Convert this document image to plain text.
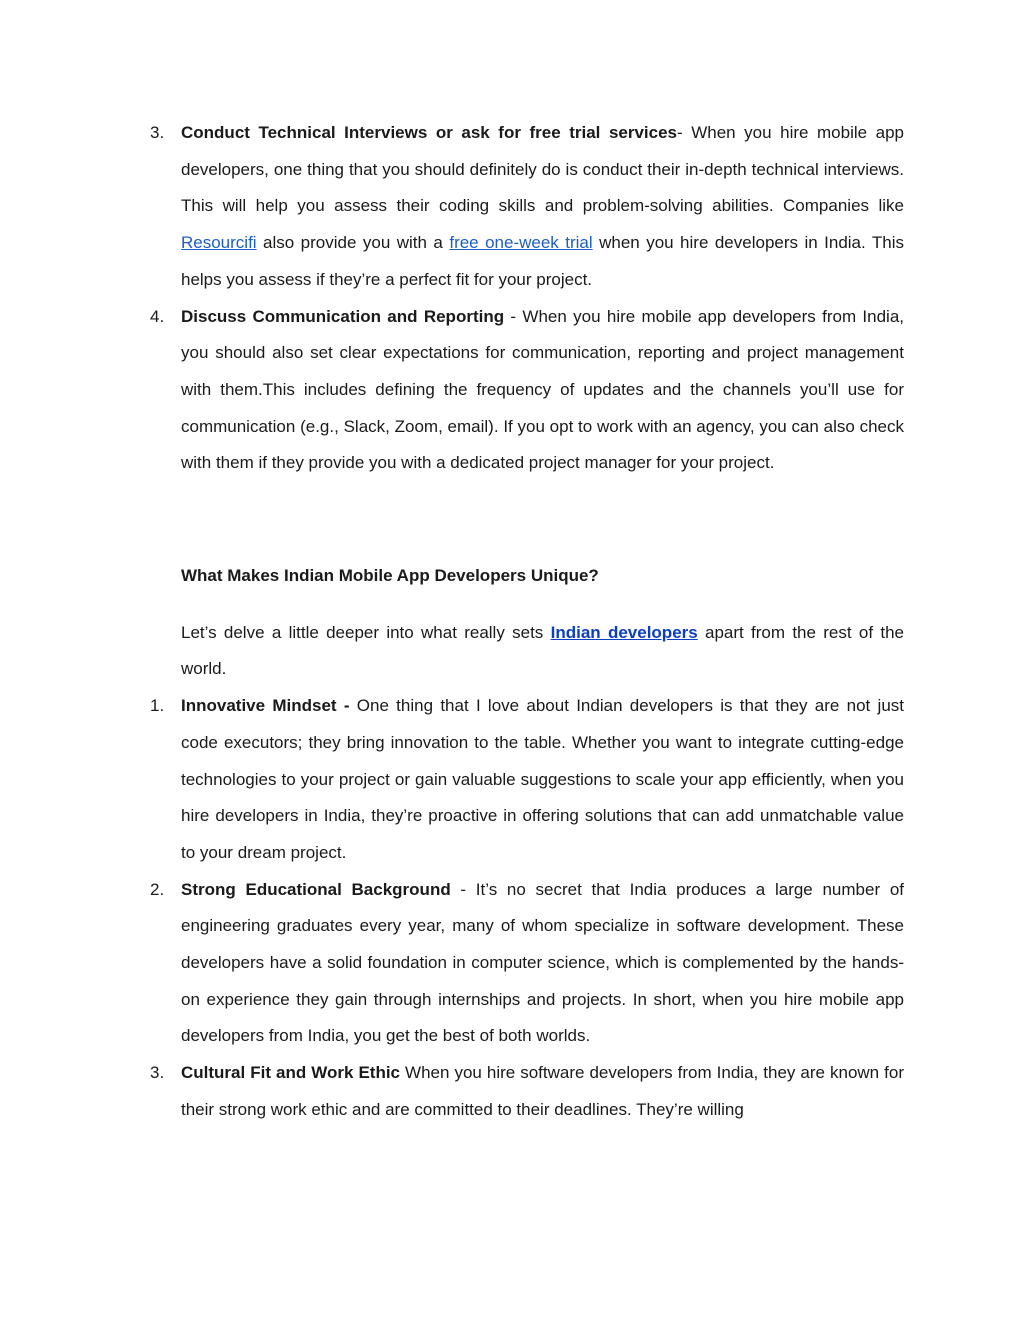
3. Conduct Technical Interviews or ask for free trial services- When you hire mobile app developers, one thing that you should definitely do is conduct their in-depth technical interviews. This will help you assess their coding skills and problem-solving abilities. Companies like Resourcifi also provide you with a free one-week trial when you hire developers in India. This helps you assess if they’re a perfect fit for your project.
4. Discuss Communication and Reporting - When you hire mobile app developers from India, you should also set clear expectations for communication, reporting and project management with them.This includes defining the frequency of updates and the channels you’ll use for communication (e.g., Slack, Zoom, email). If you opt to work with an agency, you can also check with them if they provide you with a dedicated project manager for your project.
What Makes Indian Mobile App Developers Unique?
Let’s delve a little deeper into what really sets Indian developers apart from the rest of the world.
1. Innovative Mindset - One thing that I love about Indian developers is that they are not just code executors; they bring innovation to the table. Whether you want to integrate cutting-edge technologies to your project or gain valuable suggestions to scale your app efficiently, when you hire developers in India, they’re proactive in offering solutions that can add unmatchable value to your dream project.
2. Strong Educational Background - It’s no secret that India produces a large number of engineering graduates every year, many of whom specialize in software development. These developers have a solid foundation in computer science, which is complemented by the hands-on experience they gain through internships and projects. In short, when you hire mobile app developers from India, you get the best of both worlds.
3. Cultural Fit and Work Ethic When you hire software developers from India, they are known for their strong work ethic and are committed to their deadlines. They’re willing
